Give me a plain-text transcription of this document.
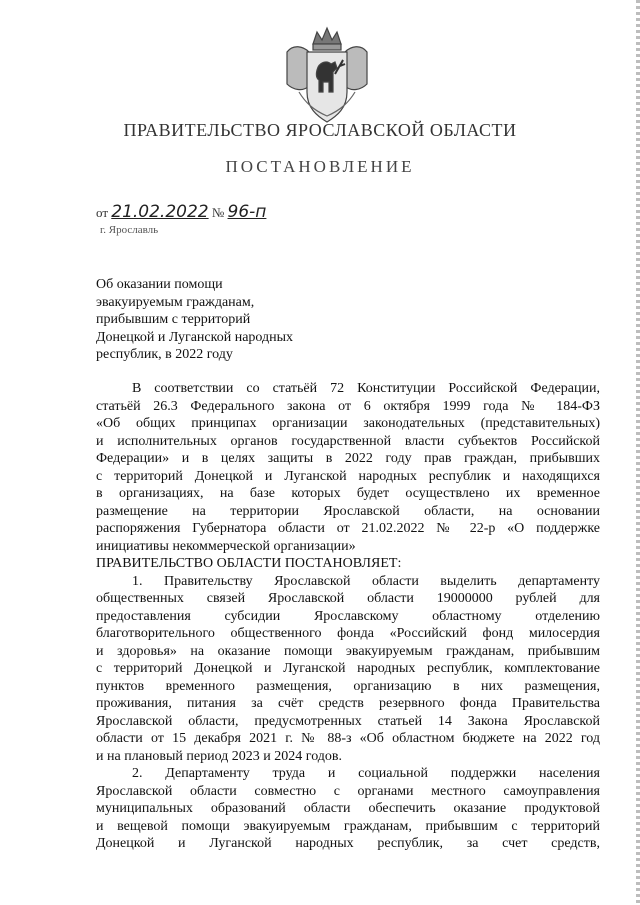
ПРАВИТЕЛЬСТВО ЯРОСЛАВСКОЙ ОБЛАСТИ
ПОСТАНОВЛЕНИЕ
от 21.02.2022 № 96-п
г. Ярославль
Об оказании помощи
эвакуируемым гражданам,
прибывшим с территорий
Донецкой и Луганской народных
республик, в 2022 году
В соответствии со статьёй 72 Конституции Российской Федерации,
статьёй 26.3 Федерального закона от 6 октября 1999 года № 184-ФЗ
«Об общих принципах организации законодательных (представительных)
и исполнительных органов государственной власти субъектов Российской
Федерации» и в целях защиты в 2022 году прав граждан, прибывших
с территорий Донецкой и Луганской народных республик и находящихся
в организациях, на базе которых будет осуществлено их временное
размещение на территории Ярославской области, на основании
распоряжения Губернатора области от 21.02.2022 № 22-р «О поддержке
инициативы некоммерческой организации»
ПРАВИТЕЛЬСТВО ОБЛАСТИ ПОСТАНОВЛЯЕТ:
1. Правительству Ярославской области выделить департаменту
общественных связей Ярославской области 19000000 рублей для
предоставления субсидии Ярославскому областному отделению
благотворительного общественного фонда «Российский фонд милосердия
и здоровья» на оказание помощи эвакуируемым гражданам, прибывшим
с территорий Донецкой и Луганской народных республик, комплектование
пунктов временного размещения, организацию в них размещения,
проживания, питания за счёт средств резервного фонда Правительства
Ярославской области, предусмотренных статьей 14 Закона Ярославской
области от 15 декабря 2021 г. № 88-з «Об областном бюджете на 2022 год
и на плановый период 2023 и 2024 годов.
2. Департаменту труда и социальной поддержки населения
Ярославской области совместно с органами местного самоуправления
муниципальных образований области обеспечить оказание продуктовой
и вещевой помощи эвакуируемым гражданам, прибывшим с территорий
Донецкой и Луганской народных республик, за счет средств,
